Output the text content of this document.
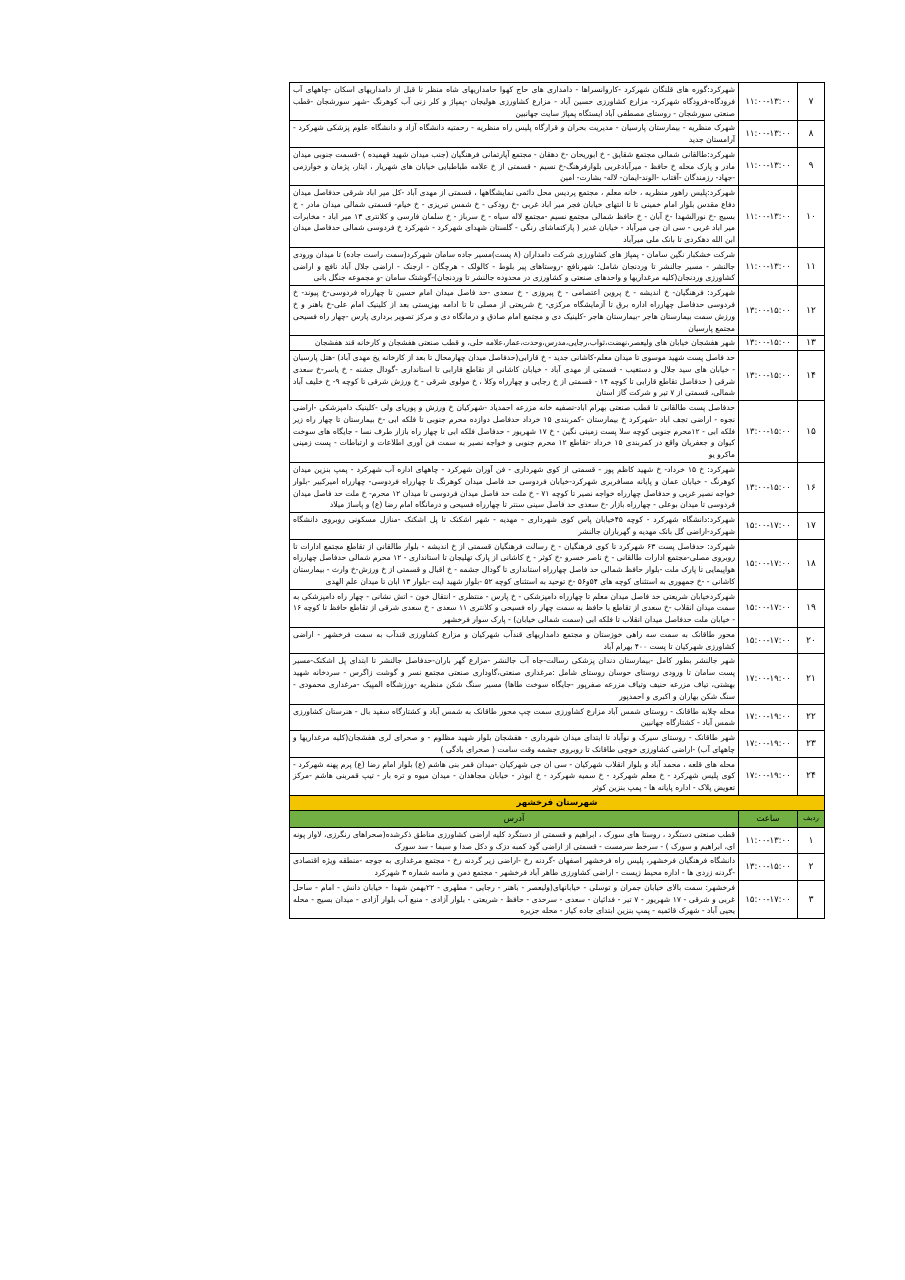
۷	۱۱:۰۰-۱۳:۰۰	شهرکرد:گوره های قلنگان شهرکرد -کاروانسراها - دامداری های حاج کهوا حامداریهای شاه منظر تا قبل از دامداریهای اسکان -چاههای آب فرودگاه-فرودگاه شهرکرد- مزارع کشاورزی حسین آباد - مزارع کشاورزی هولیجان -پمپاژ و کلر زنی آب کوهرنگ -شهر سورشجان -قطب صنعتی سورشجان - روستای مصطفی آباد ایستگاه پمپاژ سایت جهانبین
۸	۱۱:۰۰-۱۳:۰۰	شهرک منظریه - بیمارستان پارسیان - مدیریت بحران و قرارگاه پلیس راه منظریه - رحمتیه دانشگاه آزاد و دانشگاه علوم پزشکی شهرکرد - آرامستان جدید
۹	۱۱:۰۰-۱۳:۰۰	شهرکرد:طالقانی شمالی مجتمع شقایق - خ ابوریحان -خ دهقان - مجتمع آپارتمانی فرهنگیان (جنب میدان شهید قهمیده ) -قسمت جنوبی میدان مادر و پارک محله خ حافظ - میرآبادغربی بلوارفرهنگ-خ نسیم - قسمتی از خ علامه طباطبایی خیابان های شهریار ، ایثار، پژمان و خوارزمی -جهاد- رزمندگان -آفتاب -الوند-ایمان- لاله- بشارت- امین
۱۰	۱۱:۰۰-۱۳:۰۰	شهرکرد:پلیس راهور منظریه ، خانه معلم ، مجتمع پردیس محل دائمی نمایشگاهها ، قسمتی از مهدی آباد -کل میر اباد شرقی حدفاصل میدان دفاع مقدس بلوار امام خمینی تا تا انتهای خیابان فجر میر اباد غربی -خ رودکی - خ شمس تبریزی - خ خیام- قسمتی شمالی میدان مادر - خ بسیج -خ نورالشهدا -خ آبان - خ حافظ شمالی مجتمع نسیم -مجتمع لاله سیاه - خ سرباز - خ سلمان فارسی و کلانتری ۱۳ میر اباد - مخابرات میر اباد غربی - سی ان جی میرآباد - خیابان غدیر ( پارکتماشای رنگی - گلستان شهدای شهرکرد - شهرکرد خ فردوسی شمالی حدفاصل میدان ابن الله دهکردی تا بانک ملی میرآباد
۱۱	۱۱:۰۰-۱۳:۰۰	شرکت خشکبار نگین سامان - پمپاژ های کشاورزی شرکت دامداران (۸ پست)مسیر جاده سامان شهرکرد(سمت راست جاده) تا میدان ورودی جالنشر - مسیر جالنشر تا وردنجان شامل: شهرنافچ -روستاهای پیر بلوط - کالولک - هرچگان - ارجنک - اراضی جلال آباد نافچ و اراضی کشاورزی وردنجان(کلیه مرغداریها و واحدهای صنعتی و کشاورزی در محدوده جالنشر تا وردنجان)-گوشتک سامان -و مجموعه جنگل بانی
۱۲	۱۳:۰۰-۱۵:۰۰	شهرکرد: فرهنگیان- خ اندیشه - خ پروین اعتصامی - خ پیروزی - خ سعدی -حد فاصل میدان امام حسین تا چهارراه فردوسی-خ پیوند- خ فردوسی حدفاصل چهارراه اداره برق تا آزمایشگاه مرکزی- خ شریعتی از مصلی تا تا ادامه بهزیستی بعد از کلینیک امام علی-خ باهنر و خ ورزش سمت بیمارستان هاجر -بیمارستان هاجر -کلینیک دی و مجتمع امام صادق و درمانگاه دی و مرکز تصویر برداری پارس -چهار راه فسیحی مجتمع پارسیان
۱۳	۱۳:۰۰-۱۵:۰۰	شهر هفشجان خیابان های ولیعصر،نهضت،ثواب،رجایی،مدرس،وحدت،عمار،علامه حلی، و قطب صنعتی هفشجان و کارخانه قند هفشجان
۱۴	۱۳:۰۰-۱۵:۰۰	حد فاصل پست شهید موسوی تا میدان معلم-کاشانی جدید - خ قارابی(حدفاصل میدان چهارمحال تا بعد از کارخانه یخ مهدی آباد) -هتل پارسیان - خیابان های سید جلال و دستغیب - قسمتی از مهدی آباد - خیابان کاشانی از تقاطع قارابی تا استانداری -گودال جشنه - خ یاسر-خ سعدی شرقی ( حدفاصل تقاطع قارابی تا کوچه ۱۴ - قسمتی از خ رجایی و چهارراه وکلا ، خ مولوی شرقی - خ ورزش شرقی تا کوچه ۹- خ خلیف آباد شمالی، قسمتی از ۷ تیر و شرکت گاز استان
۱۵	۱۳:۰۰-۱۵:۰۰	حدفاصل پست طالقانی تا قطب صنعتی بهرام اباد-تصفیه خانه مزرعه احمدیاد -شهرکیان خ ورزش و پوریای ولی -کلینیک دامپزشکی -اراضی نجوه - اراضی تجف اباد -شهرکرد خ بیمارستان -کمربندی ۱۵ خرداد حدفاصل دوازده محرم جنوبی تا فلکه ابی -خ بیمارستان تا چهار راه زیر فلکه ابی - ۱۲محرم جنوبی کوچه سلا پست زمینی نگین - خ ۱۷ شهریور - حدفاصل فلکه ابی تا چهار راه بازار طرف نسا - جایگاه های سوخت کیوان و جعفریان واقع در کمربندی ۱۵ خرداد -تقاطع ۱۲ محرم جنوبی و خواجه نصیر به سمت فن آوری اطلاعات و ارتباطات - پست زمینی ماکرو یو
۱۶	۱۳:۰۰-۱۵:۰۰	شهرکرد: خ ۱۵ خرداد- خ شهید کاظم پور - قسمتی از کوی شهرداری - فن آوران شهرکرد - چاههای اداره آب شهرکرد - پمپ بنزین میدان کوهرنگ - خیابان عمان و پایانه مسافربری شهرکرد-خیابان فردوسی حد فاصل میدان کوهرنگ تا چهارراه فردوسی- چهارراه امیرکبیر -بلوار خواجه نصیر غربی و حدفاصل چهارراه خواجه نصیر تا کوچه ۷۱ - خ ملت حد فاصل میدان فردوسی تا میدان ۱۲ محرم- خ ملت حد فاصل میدان فردوسی تا میدان بوعلی - چهارراه بازار -خ سعدی حد فاصل سینی سنتر تا چهارراه فسیحی و درمانگاه امام رضا (ع) و پاساژ میلاد
۱۷	۱۵:۰۰-۱۷:۰۰	شهرکرد:دانشگاه شهرکرد - کوچه ۴۵خیابان پاس کوی شهرداری - مهدیه - شهر اشکنک تا پل اشکنک -منازل مسکونی روبروی دانشگاه شهرکرد-اراضی گل بانک مهدیه و گهرباران جالنشر
۱۸	۱۵:۰۰-۱۷:۰۰	شهرکرد: حدفاصل پست ۶۳ شهرکرد تا کوی فرهنگیان - خ رسالت فرهنگیان قسمتی از خ اندیشه - بلوار طالقانی از تقاطع مجتمع ادارات تا روبروی مصلی-مجتمع ادارات طالقانی - خ ناصر خسرو -خ کوثر - خ کاشانی از پارک تهلیجان تا استانداری - ۱۲ محرم شمالی حدفاصل چهارراه هواپیمایی تا پارک ملت -بلوار حافظ شمالی حد فاصل چهارراه استانداری تا گودال جشمه - خ اقبال و قسمتی از خ ورزش-خ وارث - بیمارستان کاشانی - -خ جمهوری به استثنای کوچه های ۵۴و۵۶ -خ توحید به استثنای کوچه ۵۲ -بلوار شهید ایت -بلوار ۱۳ ابان تا میدان علم الهدی
۱۹	۱۵:۰۰-۱۷:۰۰	شهرکردخیابان شریعتی حد فاصل میدان معلم تا چهارراه دامپزشکی - خ پارس - منتظری - انتقال خون - اتش نشانی - چهار راه دامپزشکی به سمت میدان انقلاب -خ سعدی از تقاطع با حافظ به سمت چهار راه فسیحی و کلانتری ۱۱ سعدی - خ سعدی شرقی از تقاطع حافظ تا کوچه ۱۶ - خیابان ملت حدفاصل میدان انقلاب تا فلکه ابی (سمت شمالی خیابان) - پارک سوار فرخشهر
۲۰	۱۵:۰۰-۱۷:۰۰	محور طاقانک به سمت سه راهی خوزستان و مجتمع دامداریهای قندآب شهرکیان و مزارع کشاورزی قندآب به سمت فرخشهر - اراضی کشاورزی شهرکیان تا پست ۴۰۰ بهرام آباد
۲۱	۱۷:۰۰-۱۹:۰۰	شهر جالنشر بطور کامل -بیمارستان دندان پزشکی رسالت-جاه آب جالنشر -مزارع گهر باران-حدفاصل جالنشر تا ابتدای پل اشکنک-مسیر پست سامان تا ورودی روستای حوسان روستای شامل :مرغداری صنعتی،گاوداری صنعتی مجتمع نسر و گوشت زاگرس - سردخانه شهید بهشتی، تیاف مزرعه حنیف وتیاف مزرعه صفرپور -جایگاه سوخت طاها) مسیر سنگ شکن منظریه -ورزشگاه المپیک -مرغداری محمودی - سنگ شکن بهاران و اکبری و احمدپور
۲۲	۱۷:۰۰-۱۹:۰۰	محله چلابه طاقانک - روستای شمس آباد مزارع کشاورزی سمت چپ محور طاقانک به شمس آباد و کشتارگاه سفید بال - هنرستان کشاورزی شمس آباد - کشتارگاه جهانبین
۲۳	۱۷:۰۰-۱۹:۰۰	شهر طاقانک - روستای سیرک و نوآباد تا ابتدای میدان شهرداری - هفشجان بلوار شهید مظلوم - و صحرای لری هفشجان(کلیه مرغداریها و چاههای آب) -اراضی کشاورزی خوچی طاقانک تا روبروی جشمه وقت سامت ( صحرای بادگی )
۲۴	۱۷:۰۰-۱۹:۰۰	محله های قلعه ، محمد آباد و بلوار انقلاب شهرکیان - سی ان جی شهرکیان -میدان قمر بنی هاشم (ع) بلوار امام رضا (ع) پرم پهنه شهرکرد - کوی پلیس شهرکرد - خ معلم شهرکرد - خ سمیه شهرکرد - خ ابوذر - خیابان مجاهدان - میدان میوه و تره بار - تیپ قمربنی هاشم -مرکز تعویض پلاک - اداره پایانه ها - پمپ بنزین کوثر
شهرستان فرخشهر		
ردیف	ساعت	آدرس
۱	۱۱:۰۰-۱۳:۰۰	قطب صنعتی دستگرد ، روستا های سورک ، ابراهیم و قسمتی از دستگرد کلیه اراضی کشاورزی مناطق ذکرشده(صحراهای رنگرزی، لاوار پونه ای، ابراهیم و سورک ) - سرخط سرمست - قسمتی از اراضی گود کمبه دزک و دکل صدا و سیما - سد سورک
۲	۱۳:۰۰-۱۵:۰۰	دانشگاه فرهنگیان فرخشهر، پلیس راه فرخشهر اصفهان -گردنه رخ -اراضی زیر گردنه رخ - مجتمع مرغداری به جوجه -منطقه ویژه اقتصادی -گردنه زردی ها - اداره محیط زیست - اراضی کشاورزی طاهر آباد فرخشهر - مجتمع دمن و ماسه شماره ۳ شهرکرد
۳	۱۵:۰۰-۱۷:۰۰	فرخشهر: سمت بالای خیابان جمران و توسلی - خیابانهای(ولیعصر - باهنر - رجایی - مطهری - ۲۲بهمن شهدا - خیابان دانش - امام - ساحل غربی و شرقی - ۱۷ شهریور - ۷ تیر - فدائیان - سعدی - سرحدی - حافظ - شریعتی - بلوار آزادی - منبع آب بلوار آزادی - میدان بسیج - محله یحیی آباد - شهرک قائمیه - پمپ بنزین ابتدای جاده کیار - محله جزیره
